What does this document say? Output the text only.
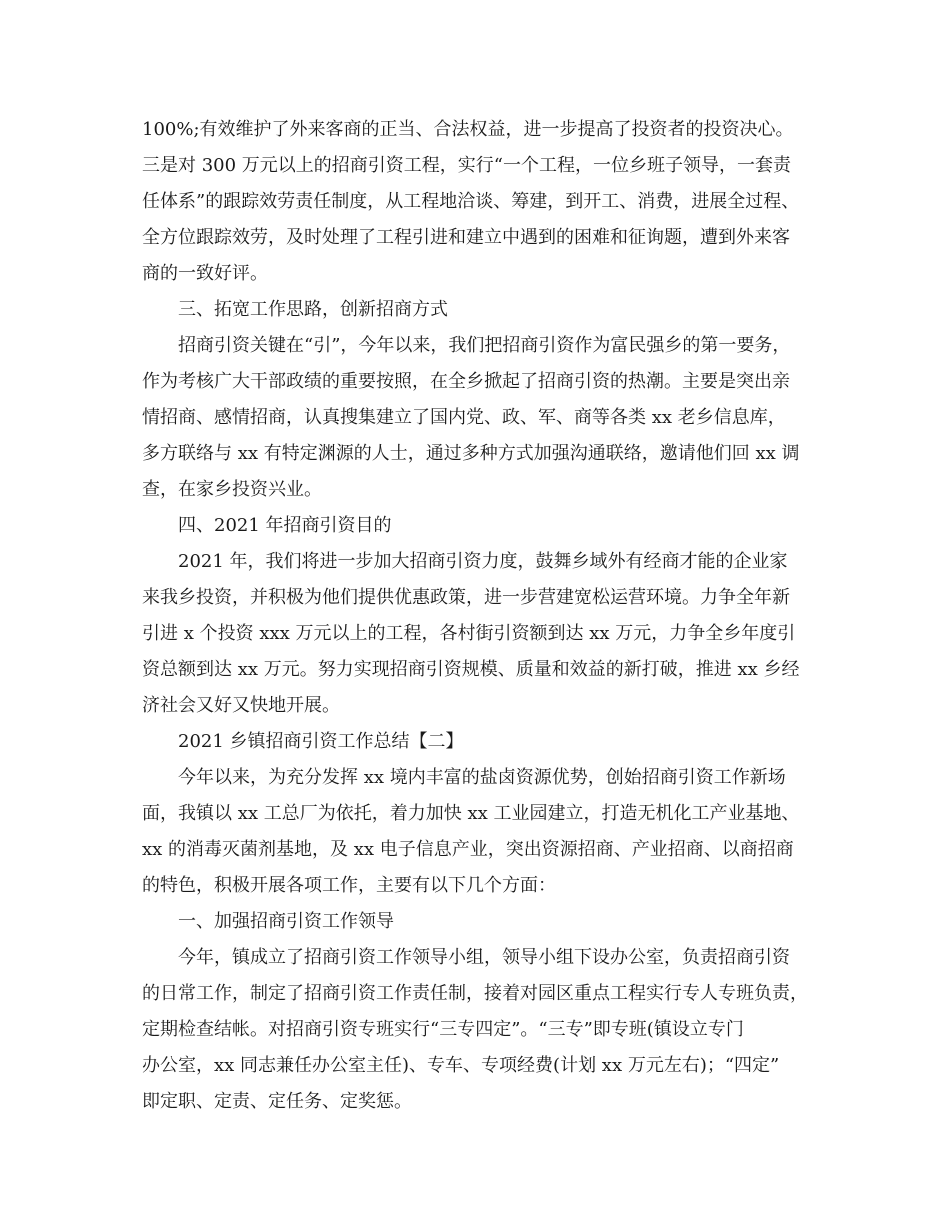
100%;有效维护了外来客商的正当、合法权益，进一步提高了投资者的投资决心。
三是对 300 万元以上的招商引资工程，实行“一个工程，一位乡班子领导，一套责
任体系”的跟踪效劳责任制度，从工程地洽谈、筹建，到开工、消费，进展全过程、
全方位跟踪效劳，及时处理了工程引进和建立中遇到的困难和征询题，遭到外来客
商的一致好评。
三、拓宽工作思路，创新招商方式
招商引资关键在“引”，今年以来，我们把招商引资作为富民强乡的第一要务，
作为考核广大干部政绩的重要按照，在全乡掀起了招商引资的热潮。主要是突出亲
情招商、感情招商，认真搜集建立了国内党、政、军、商等各类 xx 老乡信息库，
多方联络与 xx 有特定渊源的人士，通过多种方式加强沟通联络，邀请他们回 xx 调
查，在家乡投资兴业。
四、2021 年招商引资目的
2021 年，我们将进一步加大招商引资力度，鼓舞乡域外有经商才能的企业家
来我乡投资，并积极为他们提供优惠政策，进一步营建宽松运营环境。力争全年新
引进 x 个投资 xxx 万元以上的工程，各村街引资额到达 xx 万元，力争全乡年度引
资总额到达 xx 万元。努力实现招商引资规模、质量和效益的新打破，推进 xx 乡经
济社会又好又快地开展。
2021 乡镇招商引资工作总结【二】
今年以来，为充分发挥 xx 境内丰富的盐卤资源优势，创始招商引资工作新场
面，我镇以 xx 工总厂为依托，着力加快 xx 工业园建立，打造无机化工产业基地、
xx 的消毒灭菌剂基地，及 xx 电子信息产业，突出资源招商、产业招商、以商招商
的特色，积极开展各项工作，主要有以下几个方面：
一、加强招商引资工作领导
今年，镇成立了招商引资工作领导小组，领导小组下设办公室，负责招商引资
的日常工作，制定了招商引资工作责任制，接着对园区重点工程实行专人专班负责，
定期检查结帐。对招商引资专班实行“三专四定”。“三专”即专班(镇设立专门
办公室，xx 同志兼任办公室主任)、专车、专项经费(计划 xx 万元左右)；“四定”
即定职、定责、定任务、定奖惩。
